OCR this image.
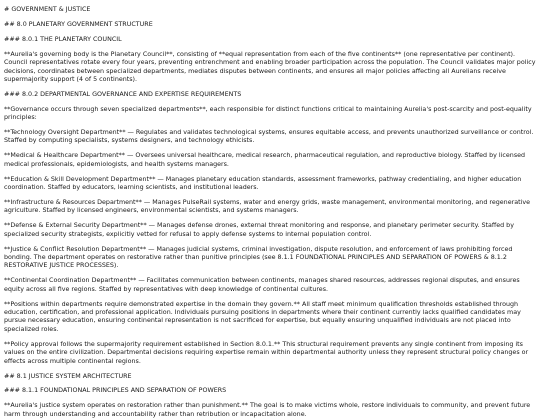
# GOVERNMENT & JUSTICE
## 8.0 PLANETARY GOVERNMENT STRUCTURE
### 8.0.1 THE PLANETARY COUNCIL
**Aurelia's governing body is the Planetary Council**, consisting of **equal representation from each of the five continents** (one representative per continent). Council representatives rotate every four years, preventing entrenchment and enabling broader participation across the population. The Council validates major policy decisions, coordinates between specialized departments, mediates disputes between continents, and ensures all major policies affecting all Aurelians receive supermajority support (4 of 5 continents).
### 8.0.2 DEPARTMENTAL GOVERNANCE AND EXPERTISE REQUIREMENTS
**Governance occurs through seven specialized departments**, each responsible for distinct functions critical to maintaining Aurelia's post-scarcity and post-equality principles:
**Technology Oversight Department** — Regulates and validates technological systems, ensures equitable access, and prevents unauthorized surveillance or control. Staffed by computing specialists, systems designers, and technology ethicists.
**Medical & Healthcare Department** — Oversees universal healthcare, medical research, pharmaceutical regulation, and reproductive biology. Staffed by licensed medical professionals, epidemiologists, and health systems managers.
**Education & Skill Development Department** — Manages planetary education standards, assessment frameworks, pathway credentialing, and higher education coordination. Staffed by educators, learning scientists, and institutional leaders.
**Infrastructure & Resources Department** — Manages PulseRail systems, water and energy grids, waste management, environmental monitoring, and regenerative agriculture. Staffed by licensed engineers, environmental scientists, and systems managers.
**Defense & External Security Department** — Manages defense drones, external threat monitoring and response, and planetary perimeter security. Staffed by specialized security strategists, explicitly vetted for refusal to apply defense systems to internal population control.
**Justice & Conflict Resolution Department** — Manages judicial systems, criminal investigation, dispute resolution, and enforcement of laws prohibiting forced bonding. The department operates on restorative rather than punitive principles (see 8.1.1 FOUNDATIONAL PRINCIPLES AND SEPARATION OF POWERS & 8.1.2 RESTORATIVE JUSTICE PROCESSES).
**Continental Coordination Department** — Facilitates communication between continents, manages shared resources, addresses regional disputes, and ensures equity across all five regions. Staffed by representatives with deep knowledge of continental cultures.
**Positions within departments require demonstrated expertise in the domain they govern.** All staff meet minimum qualification thresholds established through education, certification, and professional application. Individuals pursuing positions in departments where their continent currently lacks qualified candidates may pursue necessary education, ensuring continental representation is not sacrificed for expertise, but equally ensuring unqualified individuals are not placed into specialized roles.
**Policy approval follows the supermajority requirement established in Section 8.0.1.** This structural requirement prevents any single continent from imposing its values on the entire civilization. Departmental decisions requiring expertise remain within departmental authority unless they represent structural policy changes or effects across multiple continental regions.
## 8.1 JUSTICE SYSTEM ARCHITECTURE
### 8.1.1 FOUNDATIONAL PRINCIPLES AND SEPARATION OF POWERS
**Aurelia's justice system operates on restoration rather than punishment.** The goal is to make victims whole, restore individuals to community, and prevent future harm through understanding and accountability rather than retribution or incapacitation alone.
